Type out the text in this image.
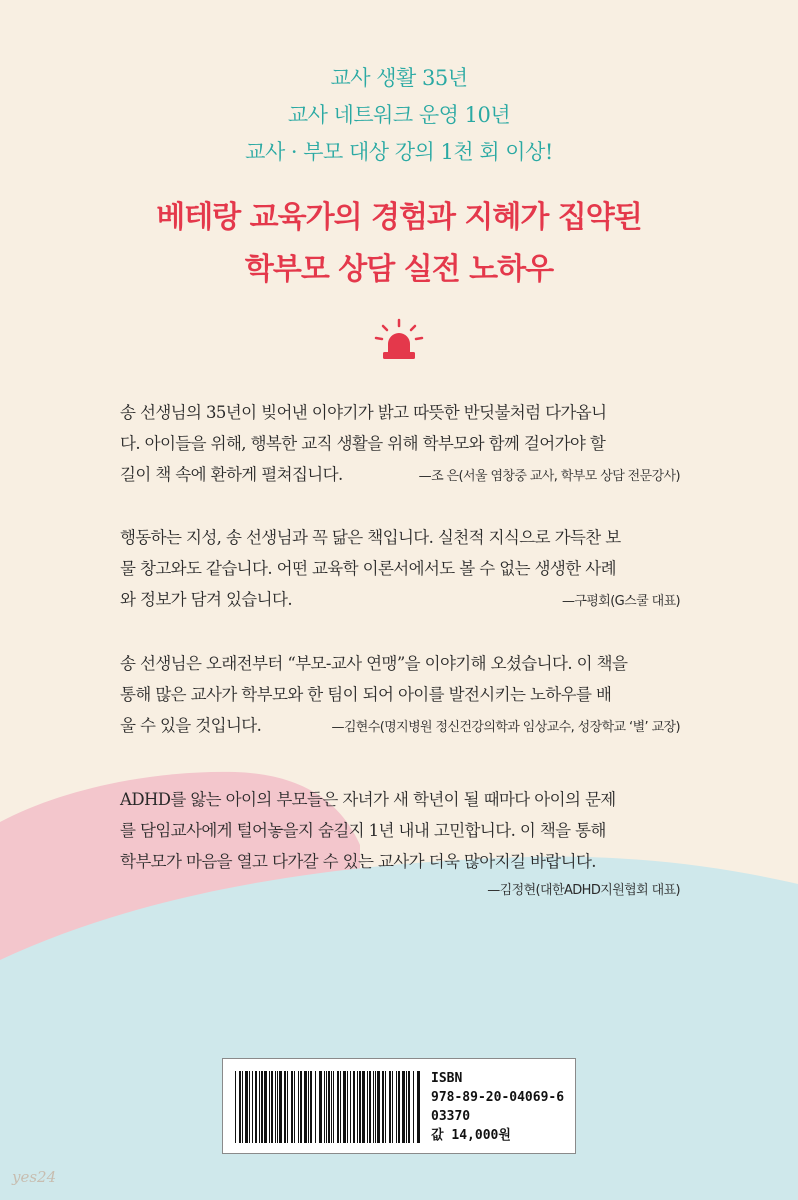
교사 생활 35년
교사 네트워크 운영 10년
교사 · 부모 대상 강의 1천 회 이상!
베테랑 교육가의 경험과 지혜가 집약된
학부모 상담 실전 노하우
송 선생님의 35년이 빚어낸 이야기가 밝고 따뜻한 반딧불처럼 다가옵니
다. 아이들을 위해, 행복한 교직 생활을 위해 학부모와 함께 걸어가야 할
길이 책 속에 환하게 펼쳐집니다.	—조 은(서울 염창중 교사, 학부모 상담 전문강사)
행동하는 지성, 송 선생님과 꼭 닮은 책입니다. 실천적 지식으로 가득찬 보
물 창고와도 같습니다. 어떤 교육학 이론서에서도 볼 수 없는 생생한 사례
와 정보가 담겨 있습니다.	—구평회(G스쿨 대표)
송 선생님은 오래전부터 “부모-교사 연맹”을 이야기해 오셨습니다. 이 책을
통해 많은 교사가 학부모와 한 팀이 되어 아이를 발전시키는 노하우를 배
울 수 있을 것입니다.	—김현수(명지병원 정신건강의학과 임상교수, 성장학교 ‘별’ 교장)
ADHD를 앓는 아이의 부모들은 자녀가 새 학년이 될 때마다 아이의 문제
를 담임교사에게 털어놓을지 숨길지 1년 내내 고민합니다. 이 책을 통해
학부모가 마음을 열고 다가갈 수 있는 교사가 더욱 많아지길 바랍니다.
—김정현(대한ADHD지원협회 대표)
ISBN
978-89-20-04069-6
03370
값 14,000원
yes24
